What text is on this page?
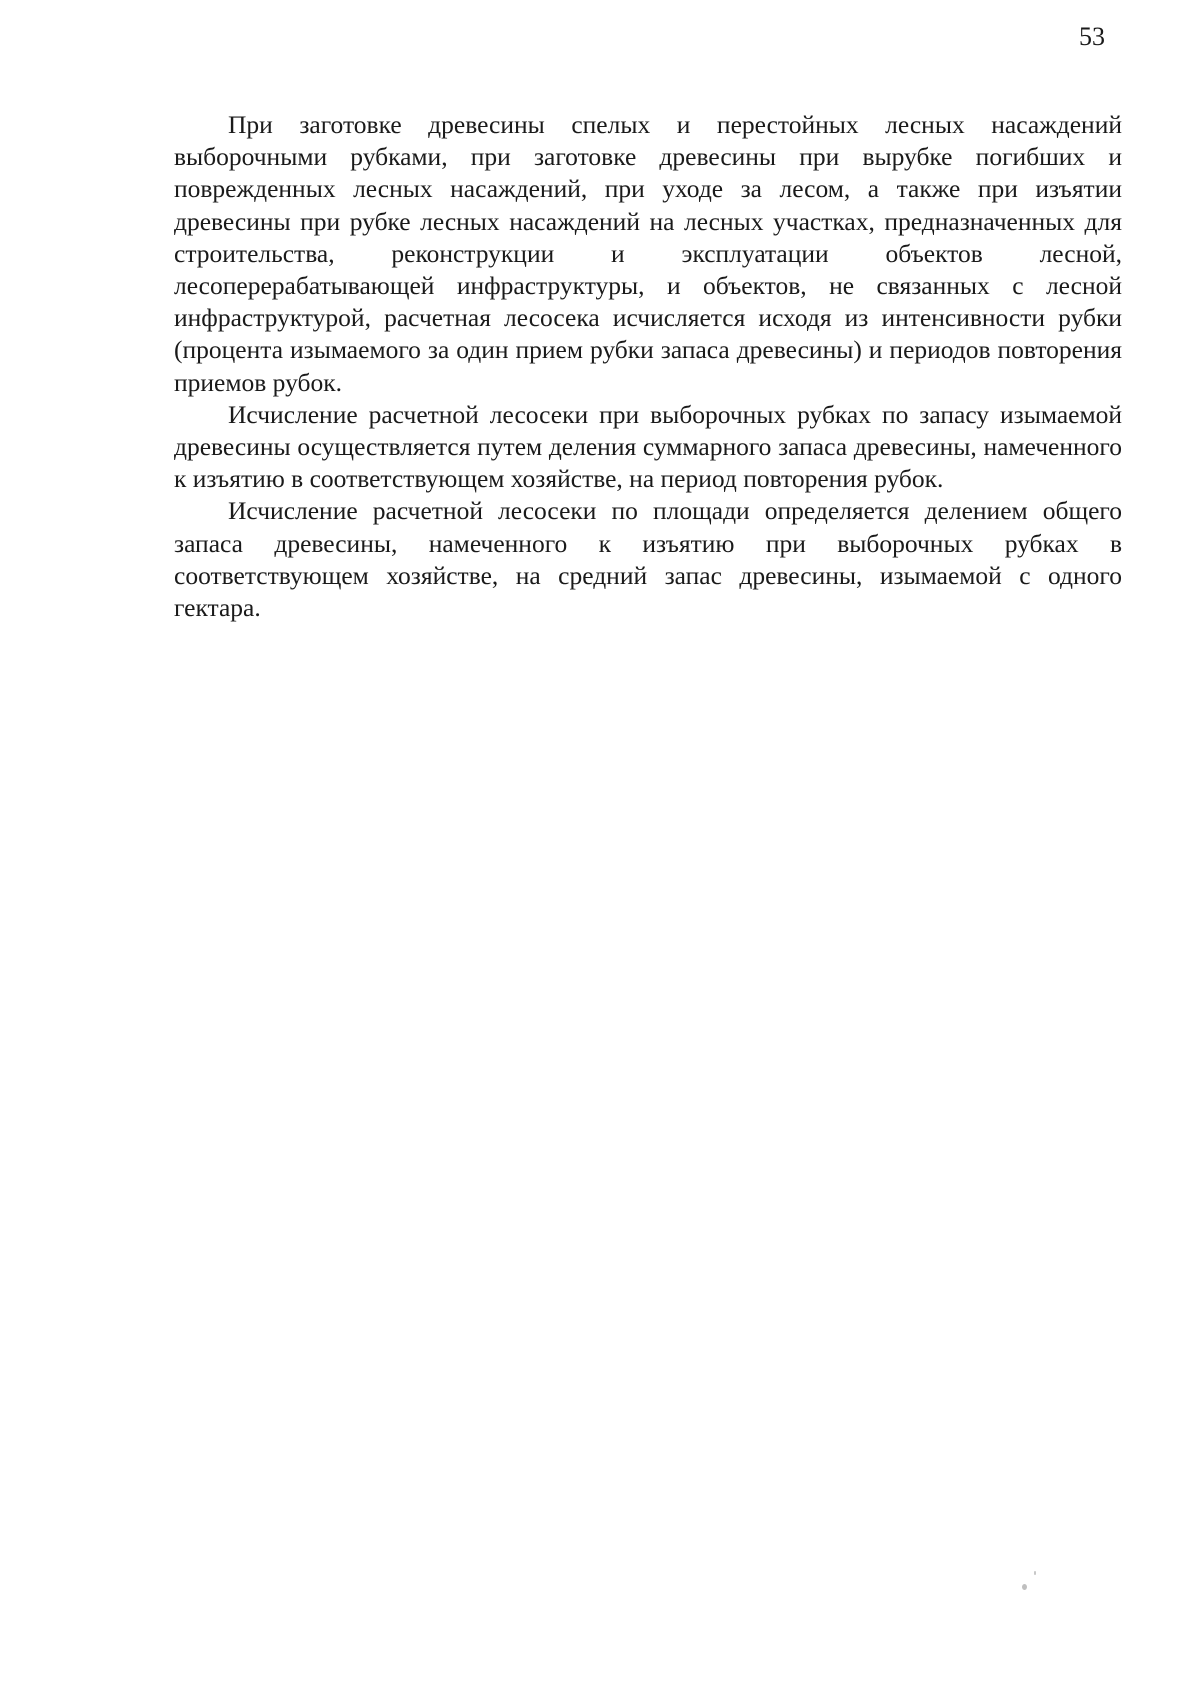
53

При заготовке древесины спелых и перестойных лесных насаждений выборочными рубками, при заготовке древесины при вырубке погибших и поврежденных лесных насаждений, при уходе за лесом, а также при изъятии древесины при рубке лесных насаждений на лесных участках, предназначенных для строительства, реконструкции и эксплуатации объектов лесной, лесоперерабатывающей инфраструктуры, и объектов, не связанных с лесной инфраструктурой, расчетная лесосека исчисляется исходя из интенсивности рубки (процента изымаемого за один прием рубки запаса древесины) и периодов повторения приемов рубок.

Исчисление расчетной лесосеки при выборочных рубках по запасу изымаемой древесины осуществляется путем деления суммарного запаса древесины, намеченного к изъятию в соответствующем хозяйстве, на период повторения рубок.

Исчисление расчетной лесосеки по площади определяется делением общего запаса древесины, намеченного к изъятию при выборочных рубках в соответствующем хозяйстве, на средний запас древесины, изымаемой с одного гектара.
